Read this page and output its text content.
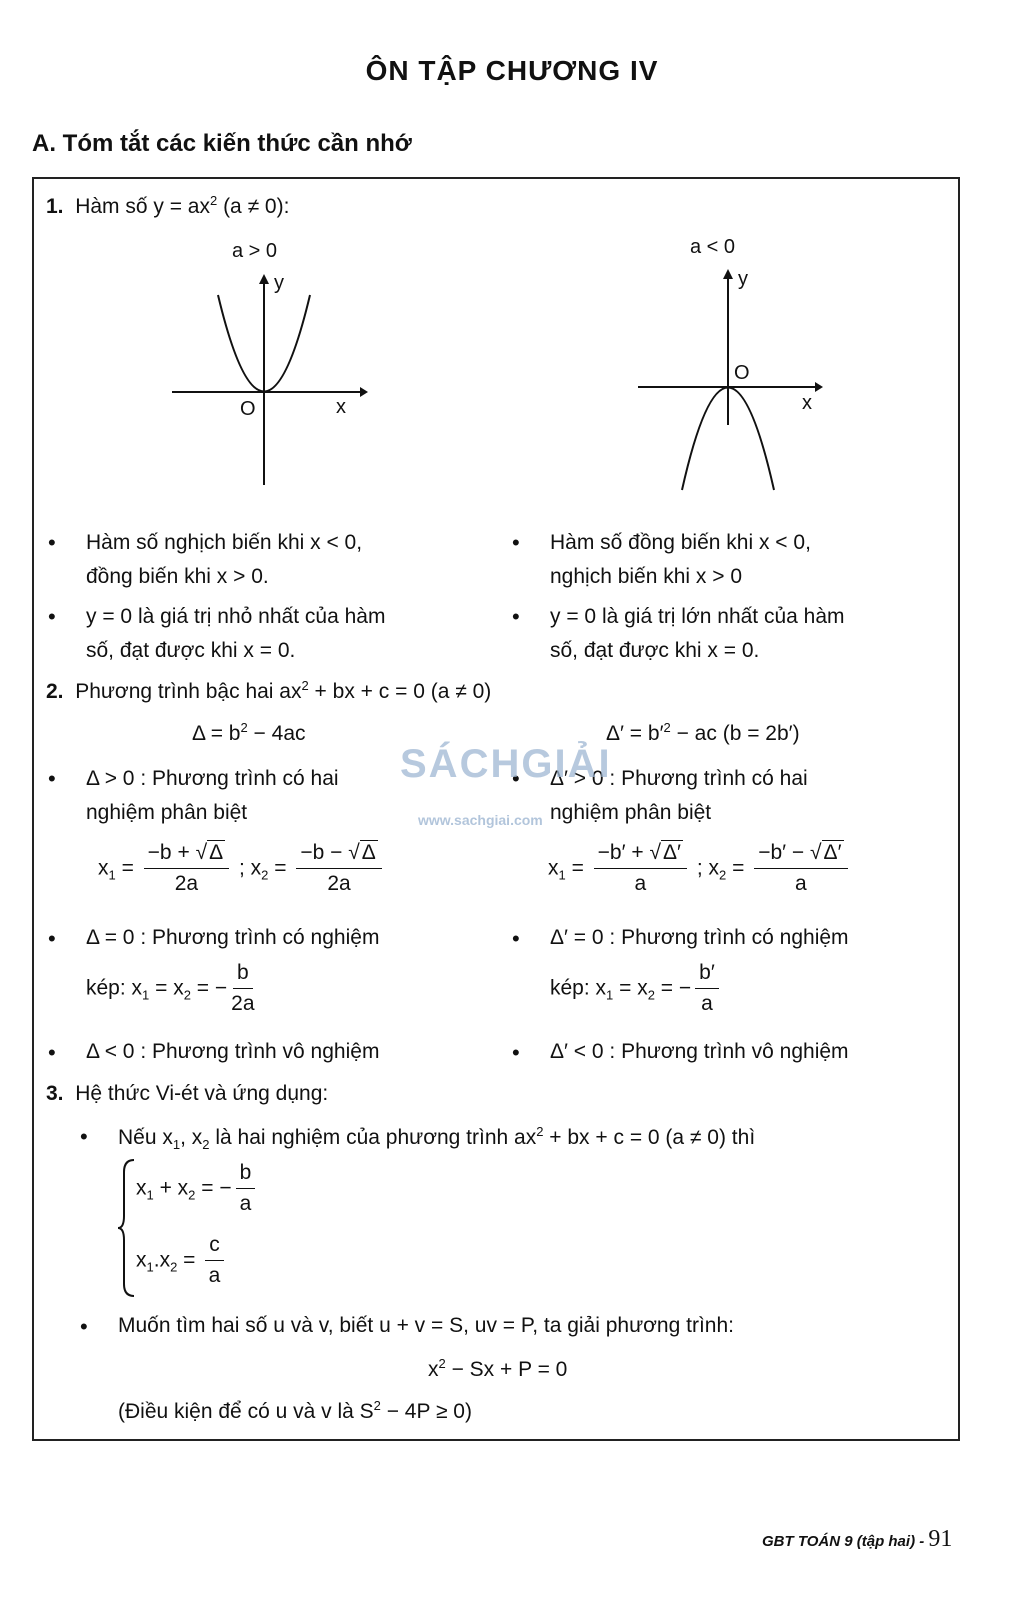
ÔN TẬP CHƯƠNG IV
A. Tóm tắt các kiến thức cần nhớ
1. Hàm số $y = ax^2$ (a ≠ 0):
a > 0
y
O	x
a < 0
y
O
x
• Hàm số nghịch biến khi x < 0,
đồng biến khi x > 0.
• y = 0 là giá trị nhỏ nhất của hàm
số, đạt được khi x = 0.
• Hàm số đồng biến khi x < 0,
nghịch biến khi x > 0
• y = 0 là giá trị lớn nhất của hàm
số, đạt được khi x = 0.
2. Phương trình bậc hai $ax^2$ + bx + c = 0 (a ≠ 0)
$\Delta = b^2 - 4ac$	$\Delta' = b'^2$ − ac (b = 2b′)
• Δ > 0 : Phương trình có hai
nghiệm phân biệt
• Δ′ > 0 : Phương trình có hai
nghiệm phân biệt
SÁCHGIẢI
www.sachgiai.com
$x_1 = \frac{-b + √\Delta}{2a}$ ; $x_2 = \frac{-b - √\Delta}{2a}$	$x_1 = \frac{-b' + √\Delta'}{a}$ ; $x_2 = \frac{-b' - √\Delta'}{a}$
• Δ = 0 : Phương trình có nghiệm
kép: $x_1 = x_2$ = − $\frac{b}{2a}$
• Δ′ = 0 : Phương trình có nghiệm
kép: $x_1 = x_2$ = − $\frac{b'}{a}$
• Δ < 0 : Phương trình vô nghiệm
•	Δ′ < 0 : Phương trình vô nghiệm
3. Hệ thức Vi-ét và ứng dụng:
• Nếu $x_1$, $x_2$ là hai nghiệm của phương trình $ax^2$ + bx + c = 0 (a ≠ 0) thì
$x_1 + x_2$ = − $\frac{b}{a}$
$x_1.x_2 = \frac{c}{a}$
• Muốn tìm hai số u và v, biết u + v = S, uv = P, ta giải phương trình:
$x^2 - Sx + P = 0$
(Điều kiện để có u và v là $S^2 - 4P \ge 0$)
GBT TOÁN 9 (tập hai) - 91
